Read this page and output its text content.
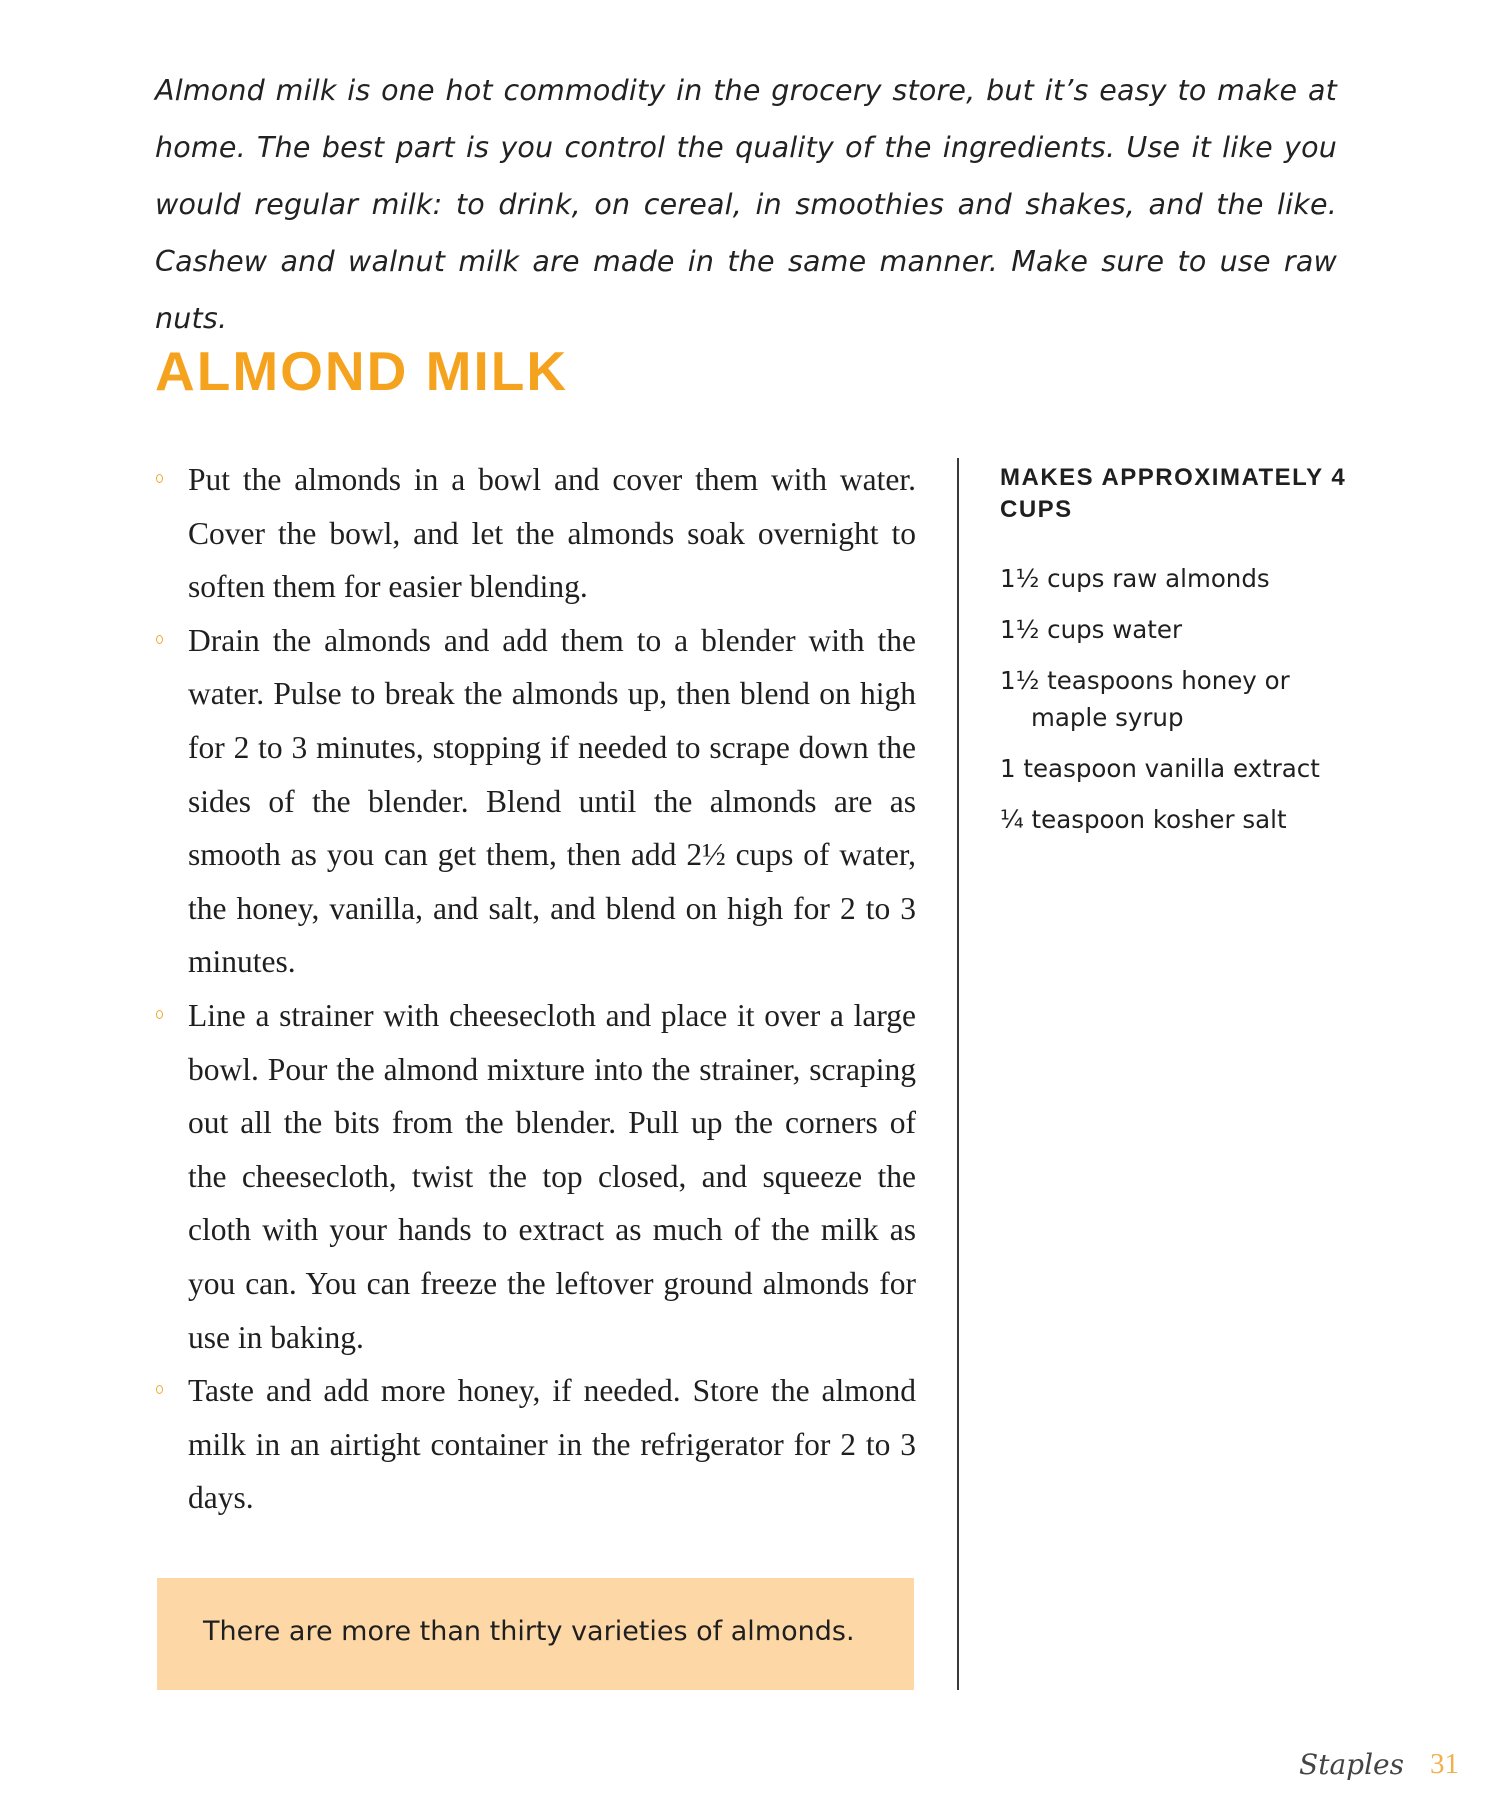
Almond milk is one hot commodity in the grocery store, but it’s easy to make at home. The best part is you control the quality of the ingredients. Use it like you would regular milk: to drink, on cereal, in smoothies and shakes, and the like. Cashew and walnut milk are made in the same manner. Make sure to use raw nuts.

ALMOND MILK
Put the almonds in a bowl and cover them with water. Cover the bowl, and let the almonds soak overnight to soften them for easier blending.
Drain the almonds and add them to a blender with the water. Pulse to break the almonds up, then blend on high for 2 to 3 minutes, stopping if needed to scrape down the sides of the blender. Blend until the almonds are as smooth as you can get them, then add 2½ cups of water, the honey, vanilla, and salt, and blend on high for 2 to 3 minutes.
Line a strainer with cheesecloth and place it over a large bowl. Pour the almond mixture into the strainer, scraping out all the bits from the blender. Pull up the corners of the cheesecloth, twist the top closed, and squeeze the cloth with your hands to extract as much of the milk as you can. You can freeze the leftover ground almonds for use in baking.
Taste and add more honey, if needed. Store the almond milk in an airtight container in the refrigerator for 2 to 3 days.
There are more than thirty varieties of almonds.

MAKES APPROXIMATELY 4 CUPS

1½ cups raw almonds
1½ cups water
1½ teaspoons honey or maple syrup
1 teaspoon vanilla extract
¼ teaspoon kosher salt
Staples 31
